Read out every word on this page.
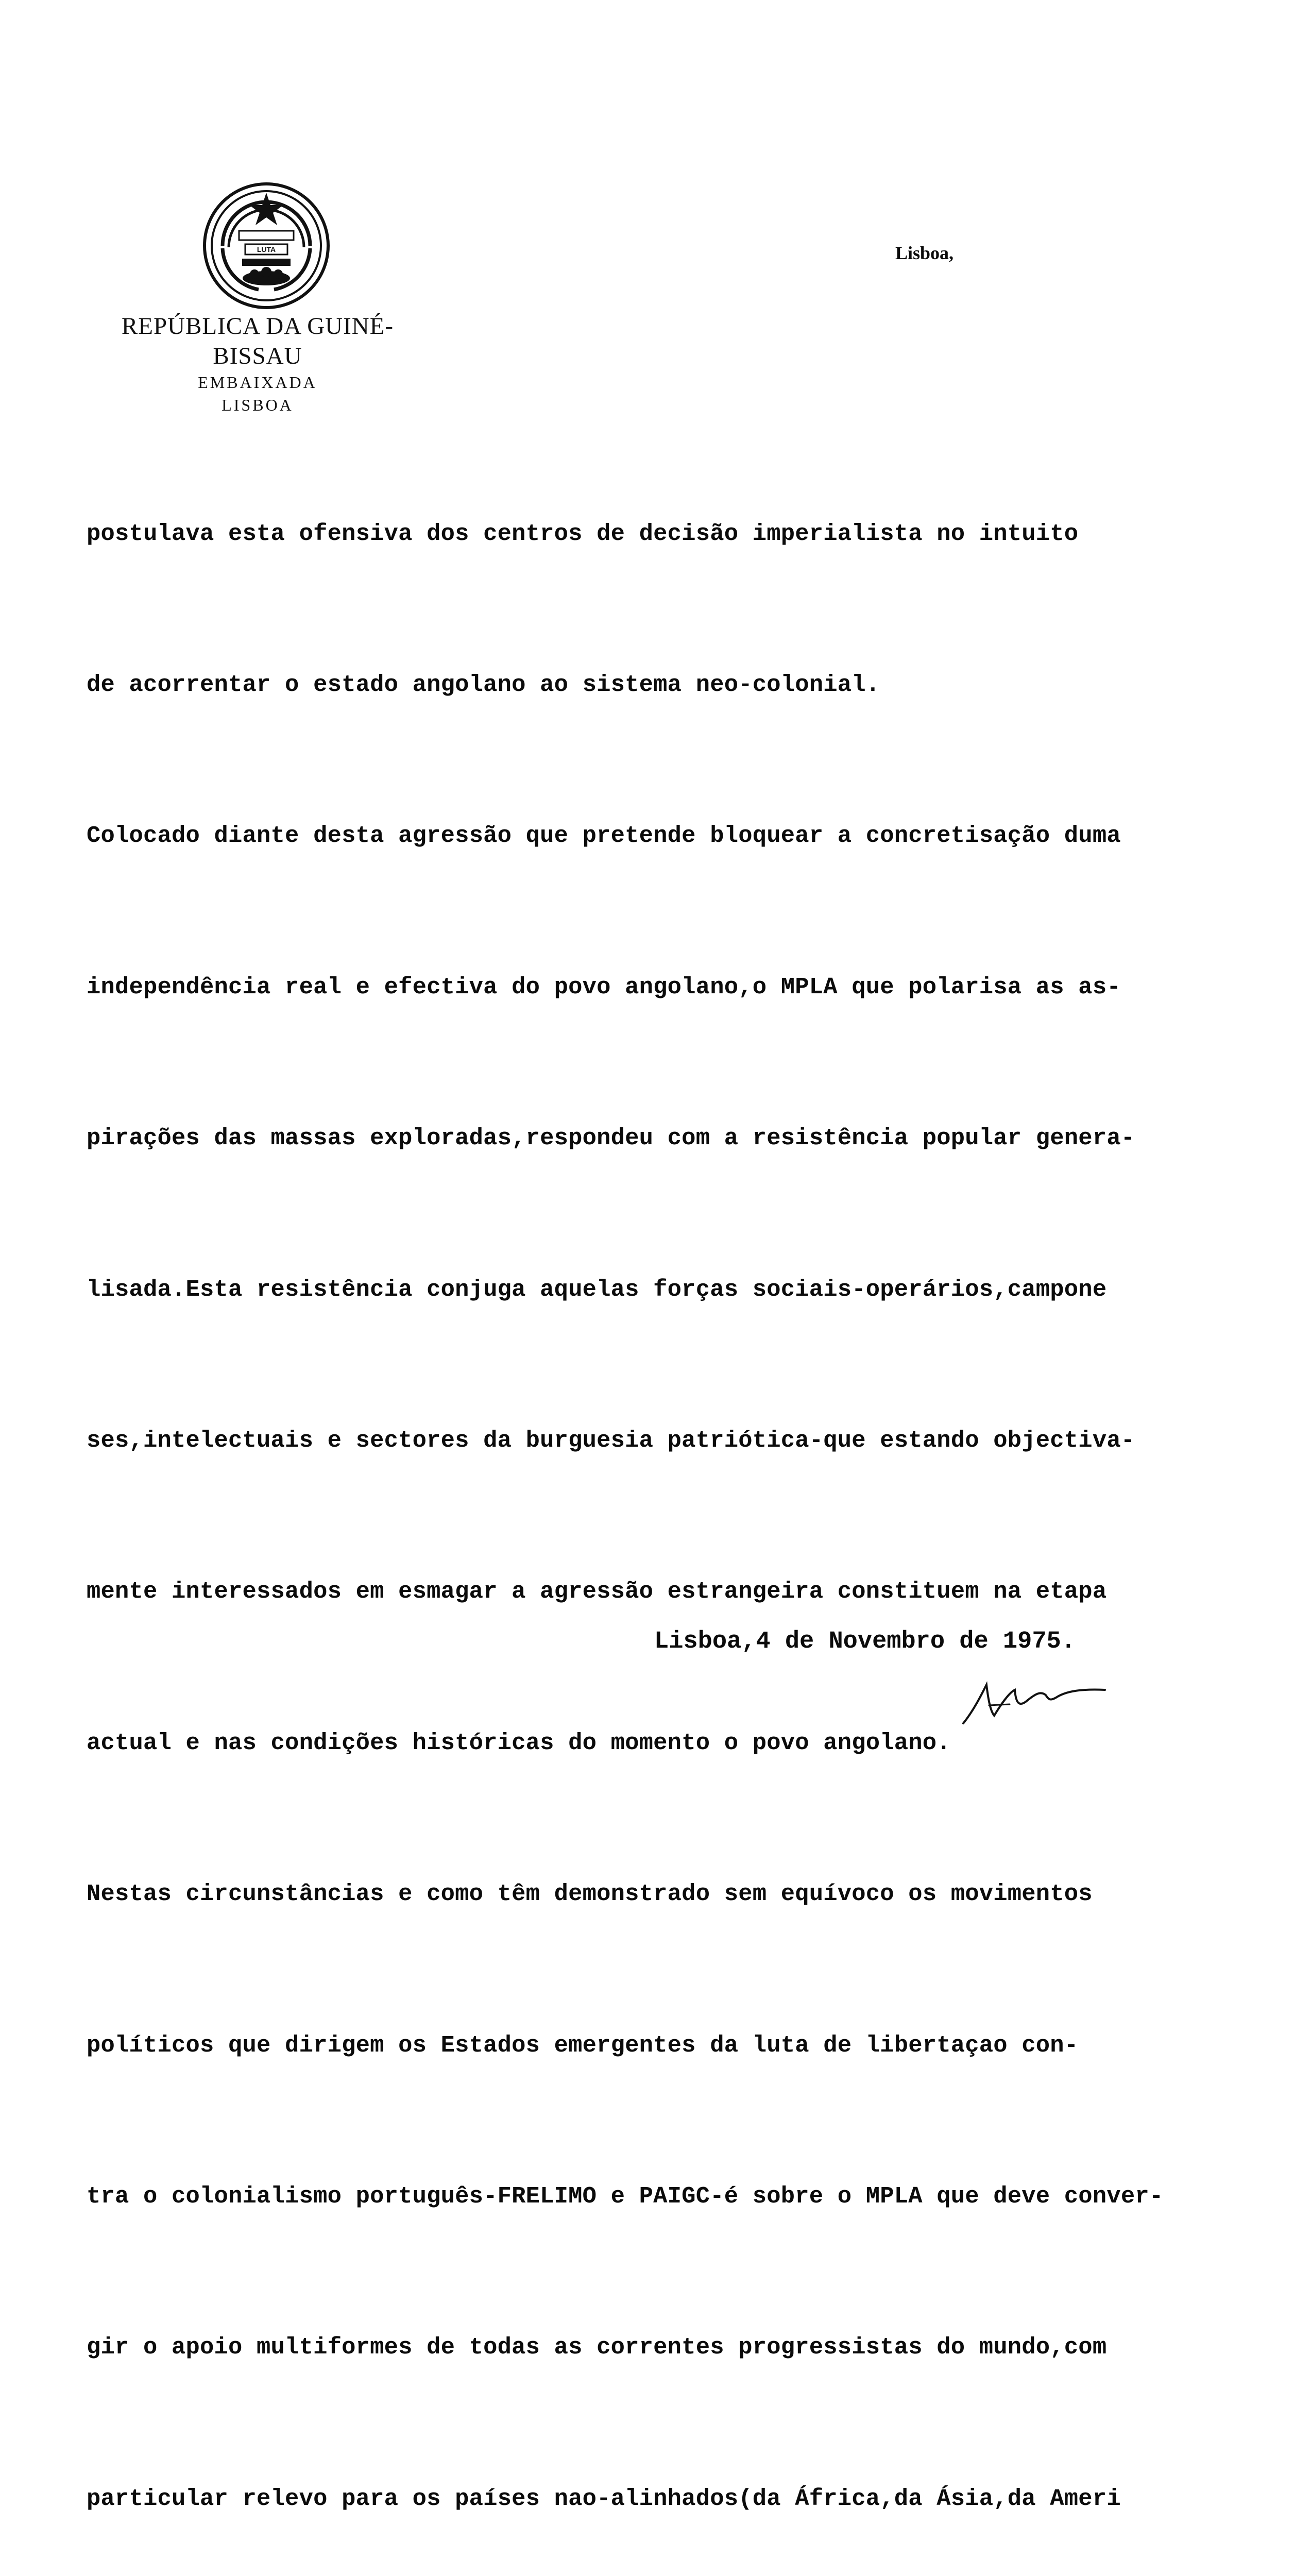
LUTA
REPÚBLICA DA GUINÉ-BISSAU
EMBAIXADA
LISBOA
Lisboa,

postulava esta ofensiva dos centros de decisão imperialista no intuito

de acorrentar o estado angolano ao sistema neo-colonial.

Colocado diante desta agressão que pretende bloquear a concretisação duma

independência real e efectiva do povo angolano,o MPLA que polarisa as as-

pirações das massas exploradas,respondeu com a resistência popular genera-

lisada.Esta resistência conjuga aquelas forças sociais-operários,campone

ses,intelectuais e sectores da burguesia patriótica-que estando objectiva-

mente interessados em esmagar a agressão estrangeira constituem na etapa

actual e nas condições históricas do momento o povo angolano.

Nestas circunstâncias e como têm demonstrado sem equívoco os movimentos

políticos que dirigem os Estados emergentes da luta de libertaçao con-

tra o colonialismo português-FRELIMO e PAIGC-é sobre o MPLA que deve conver-

gir o apoio multiformes de todas as correntes progressistas do mundo,com

particular relevo para os países nao-alinhados(da África,da Ásia,da Ameri

Lisboa,4 de Novembro de 1975.
